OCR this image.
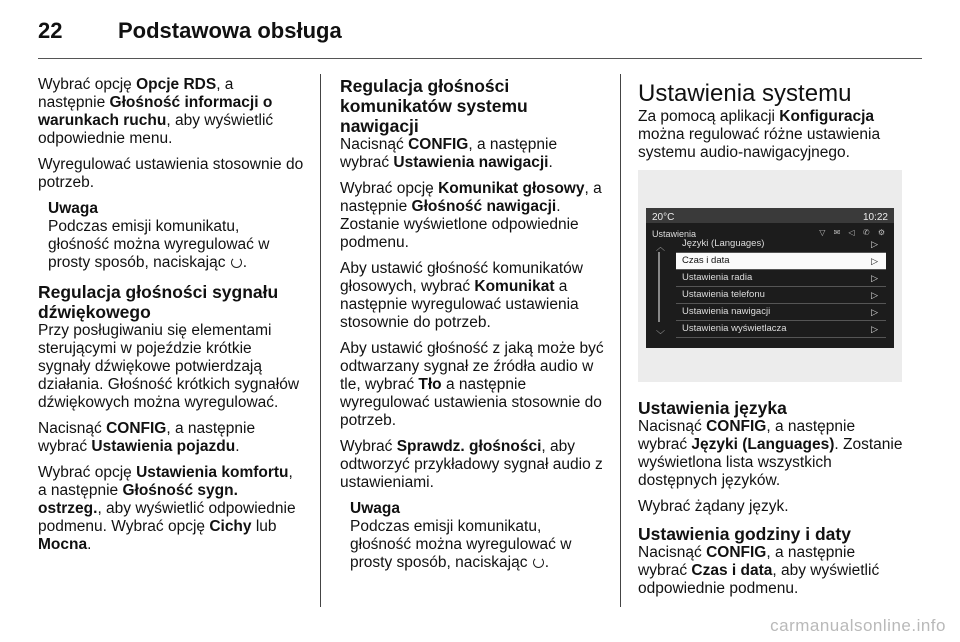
22	Podstawowa obsługa

Wybrać opcję Opcje RDS, a następnie Głośność informacji o warunkach ruchu, aby wyświetlić odpowiednie menu.

Wyregulować ustawienia stosownie do potrzeb.

Uwaga
Podczas emisji komunikatu, głośność można wyregulować w prosty sposób, naciskając .
Regulacja głośności sygnału dźwiękowego

Przy posługiwaniu się elementami sterującymi w pojeździe krótkie sygnały dźwiękowe potwierdzają działania. Głośność krótkich sygnałów dźwiękowych można wyregulować.

Nacisnąć CONFIG, a następnie wybrać Ustawienia pojazdu.

Wybrać opcję Ustawienia komfortu, a następnie Głośność sygn. ostrzeg., aby wyświetlić odpowiednie podmenu. Wybrać opcję Cichy lub Mocna.

Regulacja głośności komunikatów systemu nawigacji

Nacisnąć CONFIG, a następnie wybrać Ustawienia nawigacji.

Wybrać opcję Komunikat głosowy, a następnie Głośność nawigacji. Zostanie wyświetlone odpowiednie podmenu.

Aby ustawić głośność komunikatów głosowych, wybrać Komunikat a następnie wyregulować ustawienia stosownie do potrzeb.

Aby ustawić głośność z jaką może być odtwarzany sygnał ze źródła audio w tle, wybrać Tło a następnie wyregulować ustawienia stosownie do potrzeb.

Wybrać Sprawdz. głośności, aby odtworzyć przykładowy sygnał audio z ustawieniami.

Uwaga
Podczas emisji komunikatu, głośność można wyregulować w prosty sposób, naciskając .
Ustawienia systemu

Za pomocą aplikacji Konfiguracja można regulować różne ustawienia systemu audio-nawigacyjnego.

20°C	10:22
Ustawienia	▽ ✉ ◁ ✆ ⚙
︿
﹀
Języki (Languages)	▷
Czas i data	▷
Ustawienia radia	▷
Ustawienia telefonu	▷
Ustawienia nawigacji	▷
Ustawienia wyświetlacza	▷
Ustawienia języka

Nacisnąć CONFIG, a następnie wybrać Języki (Languages). Zostanie wyświetlona lista wszystkich dostępnych języków.

Wybrać żądany język.

Ustawienia godziny i daty

Nacisnąć CONFIG, a następnie wybrać Czas i data, aby wyświetlić odpowiednie podmenu.

carmanualsonline.info
